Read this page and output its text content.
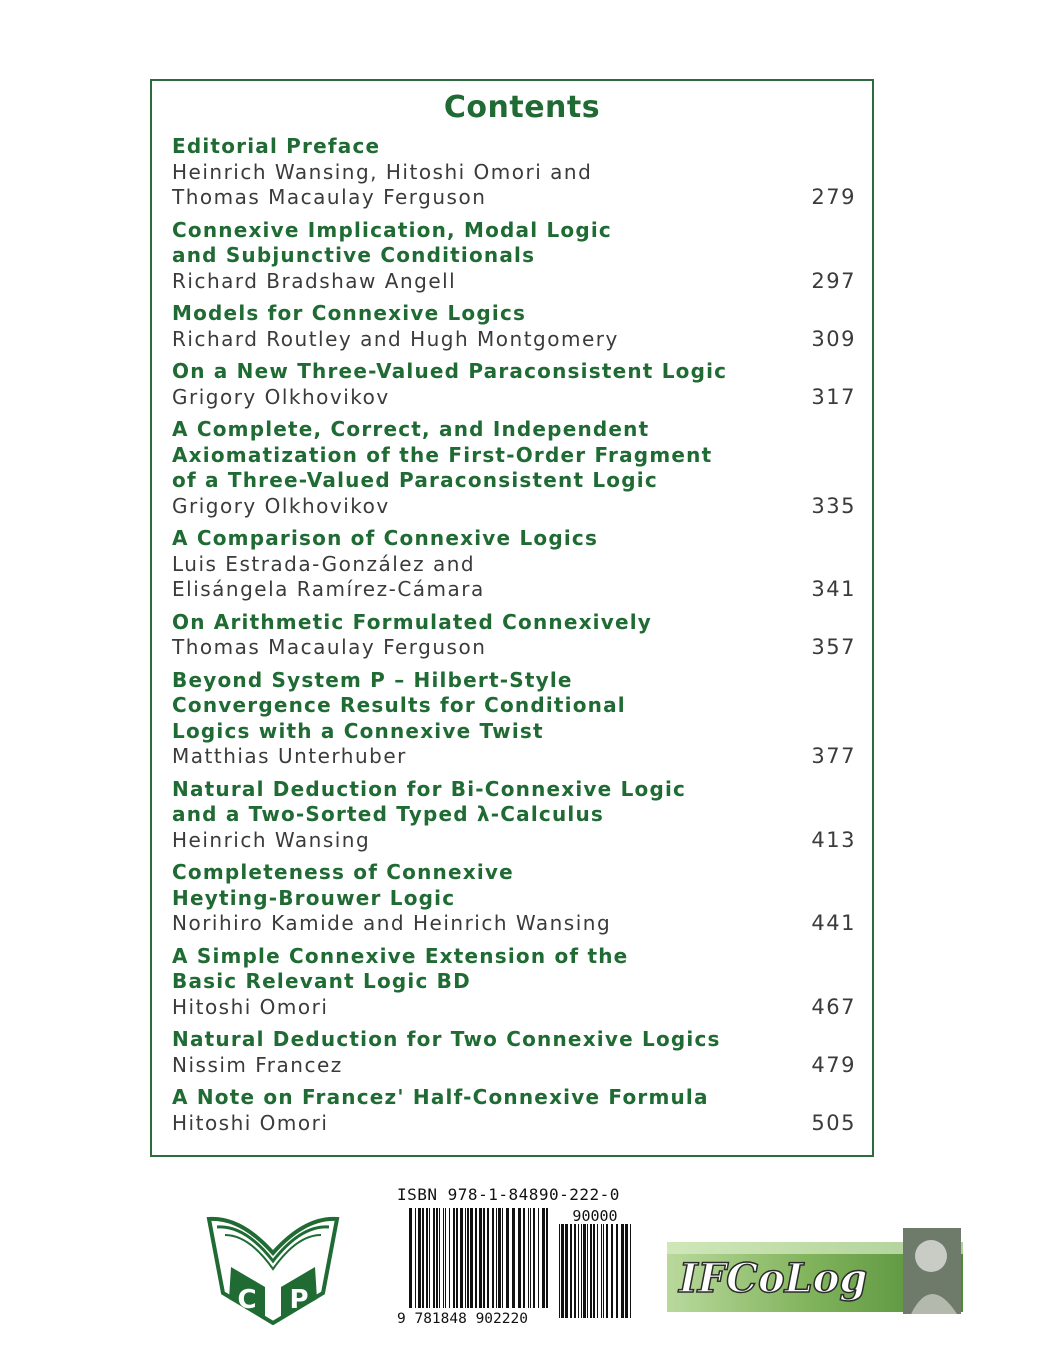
Contents
Editorial Preface
Heinrich Wansing, Hitoshi Omori and
Thomas Macaulay Ferguson	279
Connexive Implication, Modal Logic
and Subjunctive Conditionals
Richard Bradshaw Angell	297
Models for Connexive Logics
Richard Routley and Hugh Montgomery	309
On a New Three-Valued Paraconsistent Logic
Grigory Olkhovikov	317
A Complete, Correct, and Independent
Axiomatization of the First-Order Fragment
of a Three-Valued Paraconsistent Logic
Grigory Olkhovikov	335
A Comparison of Connexive Logics
Luis Estrada-González and
Elisángela Ramírez-Cámara	341
On Arithmetic Formulated Connexively
Thomas Macaulay Ferguson	357
Beyond System P – Hilbert-Style
Convergence Results for Conditional
Logics with a Connexive Twist
Matthias Unterhuber	377
Natural Deduction for Bi-Connexive Logic
and a Two-Sorted Typed λ-Calculus
Heinrich Wansing	413
Completeness of Connexive
Heyting-Brouwer Logic
Norihiro Kamide and Heinrich Wansing	441
A Simple Connexive Extension of the
Basic Relevant Logic BD
Hitoshi Omori	467
Natural Deduction for Two Connexive Logics
Nissim Francez	479
A Note on Francez' Half-Connexive Formula
Hitoshi Omori	505
ISBN 978-1-84890-222-0
90000
9 781848 902220
C P	IFCoLog
